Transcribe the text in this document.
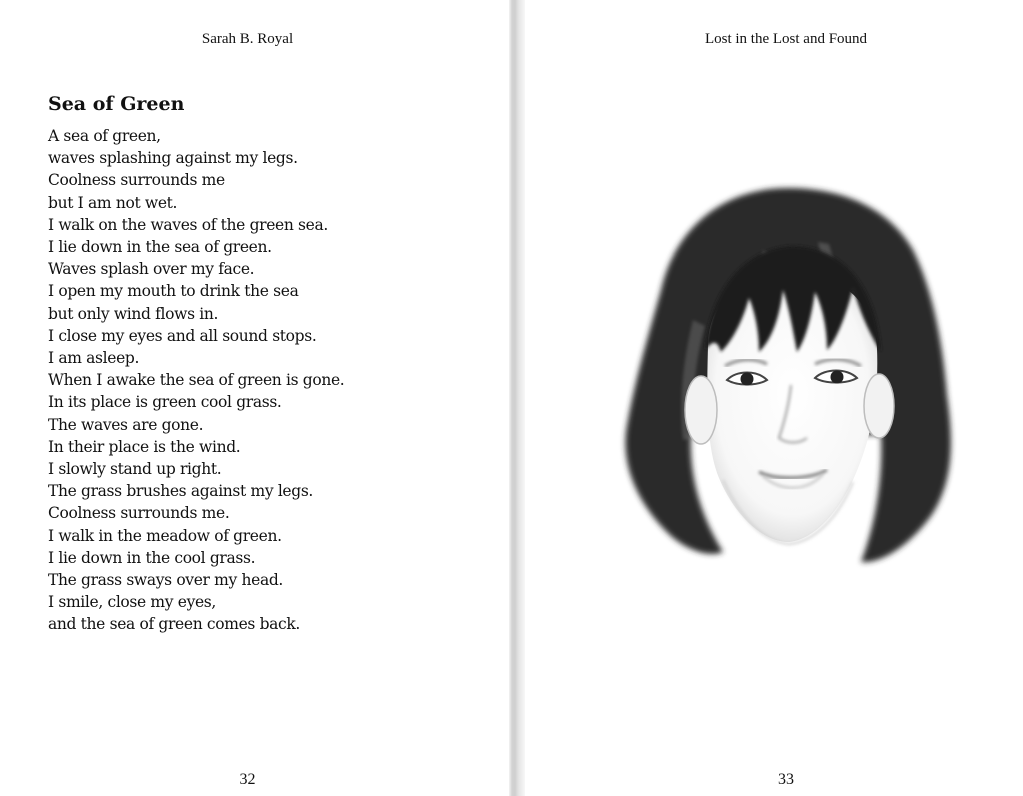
Sarah B. Royal
Sea of Green
A sea of green,
waves splashing against my legs.
Coolness surrounds me
but I am not wet.
I walk on the waves of the green sea.
I lie down in the sea of green.
Waves splash over my face.
I open my mouth to drink the sea
but only wind flows in.
I close my eyes and all sound stops.
I am asleep.
When I awake the sea of green is gone.
In its place is green cool grass.
The waves are gone.
In their place is the wind.
I slowly stand up right.
The grass brushes against my legs.
Coolness surrounds me.
I walk in the meadow of green.
I lie down in the cool grass.
The grass sways over my head.
I smile, close my eyes,
and the sea of green comes back.
32
Lost in the Lost and Found
33
